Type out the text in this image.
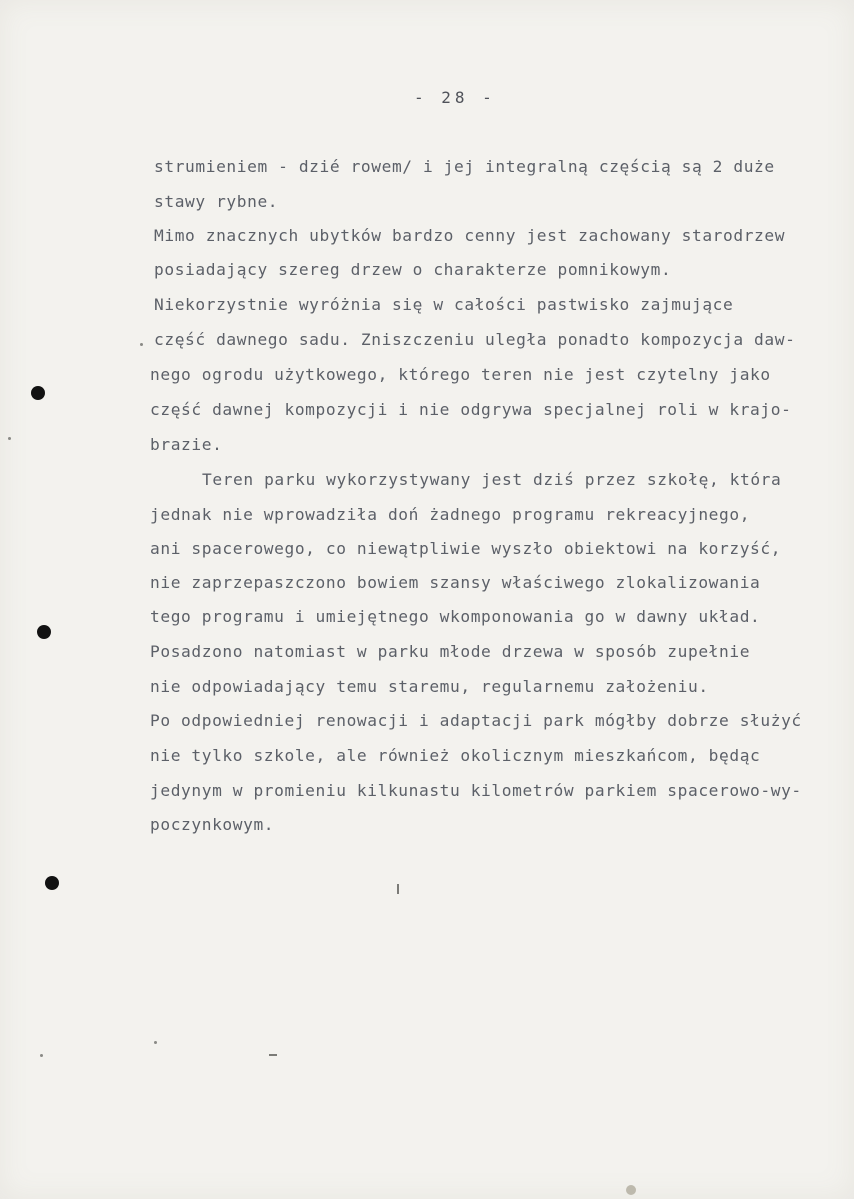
- 28 -
strumieniem - dzié rowem/ i jej integralną częścią są 2 duże
stawy rybne.
Mimo znacznych ubytków bardzo cenny jest zachowany starodrzew
posiadający szereg drzew o charakterze pomnikowym.
Niekorzystnie wyróżnia się w całości pastwisko zajmujące
część dawnego sadu. Zniszczeniu uległa ponadto kompozycja daw-
nego ogrodu użytkowego, którego teren nie jest czytelny jako
część dawnej kompozycji i nie odgrywa specjalnej roli w krajo-
brazie.
Teren parku wykorzystywany jest dziś przez szkołę, która
jednak nie wprowadziła doń żadnego programu rekreacyjnego,
ani spacerowego, co niewątpliwie wyszło obiektowi na korzyść,
nie zaprzepaszczono bowiem szansy właściwego zlokalizowania
tego programu i umiejętnego wkomponowania go w dawny układ.
Posadzono natomiast w parku młode drzewa w sposób zupełnie
nie odpowiadający temu staremu, regularnemu założeniu.
Po odpowiedniej renowacji i adaptacji park mógłby dobrze służyć
nie tylko szkole, ale również okolicznym mieszkańcom, będąc
jedynym w promieniu kilkunastu kilometrów parkiem spacerowo-wy-
poczynkowym.
